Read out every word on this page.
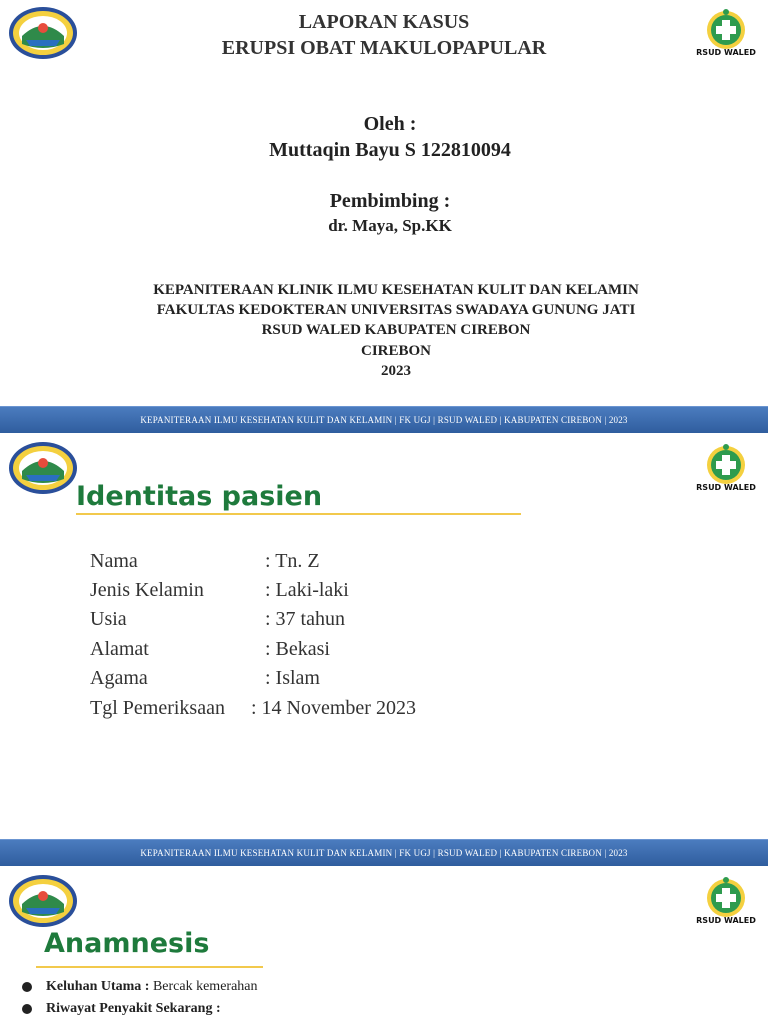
RSUD WALED
LAPORAN KASUS
ERUPSI OBAT MAKULOPAPULAR
Oleh :
Muttaqin Bayu S 122810094
Pembimbing :
dr. Maya, Sp.KK
KEPANITERAAN KLINIK ILMU KESEHATAN KULIT DAN KELAMIN
FAKULTAS KEDOKTERAN UNIVERSITAS SWADAYA GUNUNG JATI
RSUD WALED KABUPATEN CIREBON
CIREBON
2023
KEPANITERAAN ILMU KESEHATAN KULIT DAN KELAMIN | FK UGJ | RSUD WALED | KABUPATEN CIREBON | 2023
RSUD WALED
Identitas pasien
Nama	: Tn. Z
Jenis Kelamin	: Laki-laki
Usia	: 37 tahun
Alamat	: Bekasi
Agama	: Islam
Tgl Pemeriksaan	: 14 November 2023
KEPANITERAAN ILMU KESEHATAN KULIT DAN KELAMIN | FK UGJ | RSUD WALED | KABUPATEN CIREBON | 2023
RSUD WALED
Anamnesis
Keluhan Utama : Bercak kemerahan
Riwayat Penyakit Sekarang :
